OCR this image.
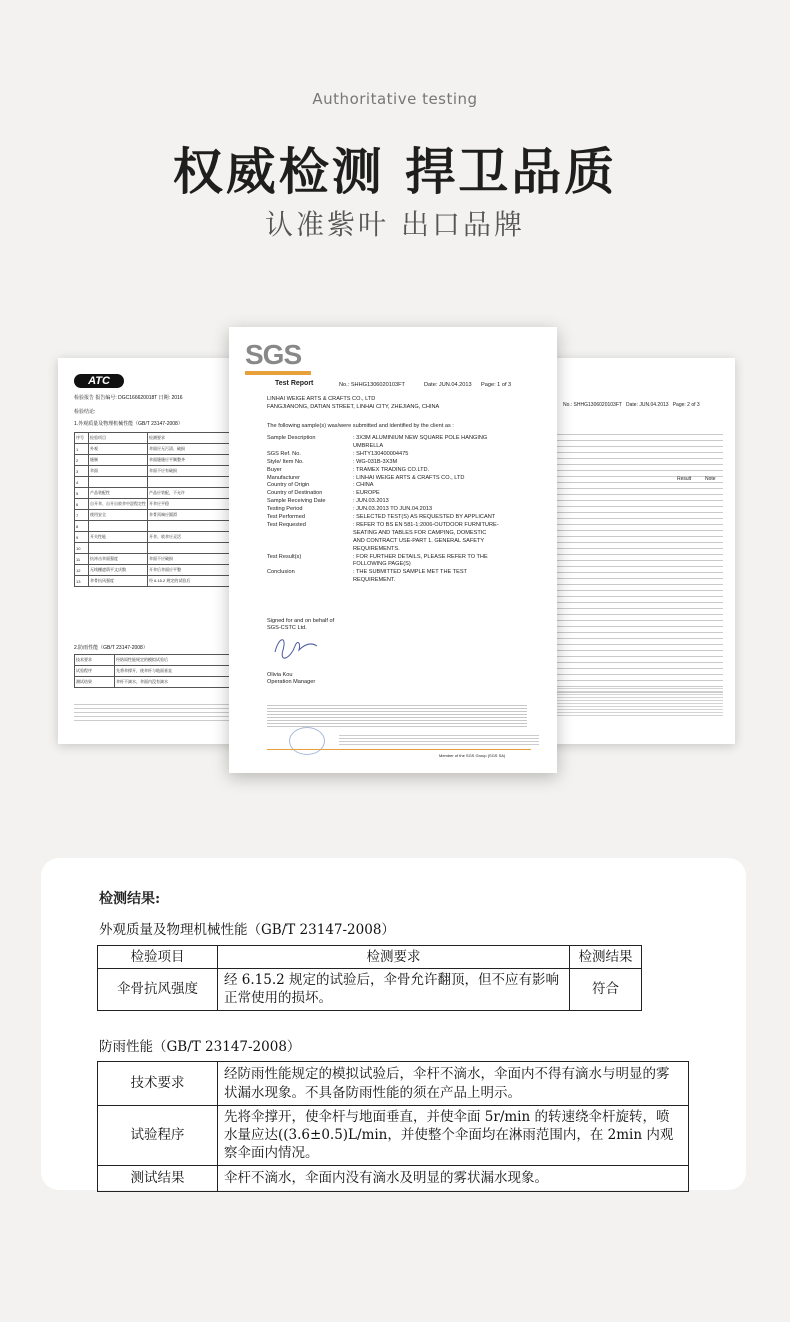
Authoritative testing
权威检测 捍卫品质
认准紫叶 出口品牌
ATC
检验报告 报告编号: DGC166620018T 日期: 2016
检验结论:
1.外观质量及物理机械性能（GB/T 23147-2008）
序号	检验项目	检测要求
1	外观	伞面应无污渍、破损
2	缝制	伞面缝缝应平顺整齐
3	伞面	伞面不应有破损
4		
5	产品装配性	产品应装配，不允许
6	自开伞、自开自收伞中涩程定性	开伞应平稳
7	使用安全	伞骨顶端应圆滑
8		
9	开关性能	开伞、收伞应灵活
10		
11	抗冲击伞面强度	伞面不应破损
12	无线棚遮荫平文庆散	开伞后伞面应平整
13	伞骨抗风强度	经 6.15.2 规定的试验后
2.防雨性能（GB/T 23147-2008）
技术要求	经防雨性能规定的模拟试验后
试验程序	先将伞撑开，使伞杆与地面垂直
测试结果	伞杆不滴水，伞面内没有滴水
No.: SHHG1306020103FT Date: JUN.04.2013 Page: 2 of 3
Result	Note
SGS
Test Report	No.: SHHG1306020103FT	Date: JUN.04.2013 Page: 1 of 3
LINHAI WEIGE ARTS & CRAFTS CO., LTD
FANGJIANONG, DATIAN STREET, LINHAI CITY, ZHEJIANG, CHINA
The following sample(s) was/were submitted and identified by the client as :
Sample Description	: 3X3M ALUMINIUM NEW SQUARE POLE HANGING
UMBRELLA
SGS Ref. No.	: SHTY130400004475
Style/ Item No.	: WG-031B-3X3M
Buyer	: TRAMEX TRADING CO.LTD.
Manufacturer	: LINHAI WEIGE ARTS & CRAFTS CO., LTD
Country of Origin	: CHINA
Country of Destination	: EUROPE
Sample Receiving Date	: JUN.03.2013
Testing Period	: JUN.03.2013 TO JUN.04.2013
Test Performed	: SELECTED TEST(S) AS REQUESTED BY APPLICANT
Test Requested	: REFER TO BS EN 581-1:2006-OUTDOOR FURNITURE-
SEATING AND TABLES FOR CAMPING, DOMESTIC
AND CONTRACT USE-PART 1. GENERAL SAFETY
REQUIREMENTS.
Test Result(s)	: FOR FURTHER DETAILS, PLEASE REFER TO THE
FOLLOWING PAGE(S)
Conclusion	: THE SUBMITTED SAMPLE MET THE TEST
REQUIREMENT.
Signed for and on behalf of
SGS-CSTC Ltd.
Olivia Kou
Operation Manager
Member of the SGS Group (SGS SA)
检测结果:
外观质量及物理机械性能（GB/T 23147-2008）
检验项目	检测要求	检测结果
伞骨抗风强度	经 6.15.2 规定的试验后，伞骨允许翻顶，但不应有影响正常使用的损坏。	符合
防雨性能（GB/T 23147-2008）
技术要求	经防雨性能规定的模拟试验后，伞杆不滴水，伞面内不得有滴水与明显的雾状漏水现象。不具备防雨性能的须在产品上明示。
试验程序	先将伞撑开，使伞杆与地面垂直，并使伞面 5r/min 的转速绕伞杆旋转，喷水量应达((3.6±0.5)L/min，并使整个伞面均在淋雨范围内，在 2min 内观察伞面内情况。
测试结果	伞杆不滴水，伞面内没有滴水及明显的雾状漏水现象。
